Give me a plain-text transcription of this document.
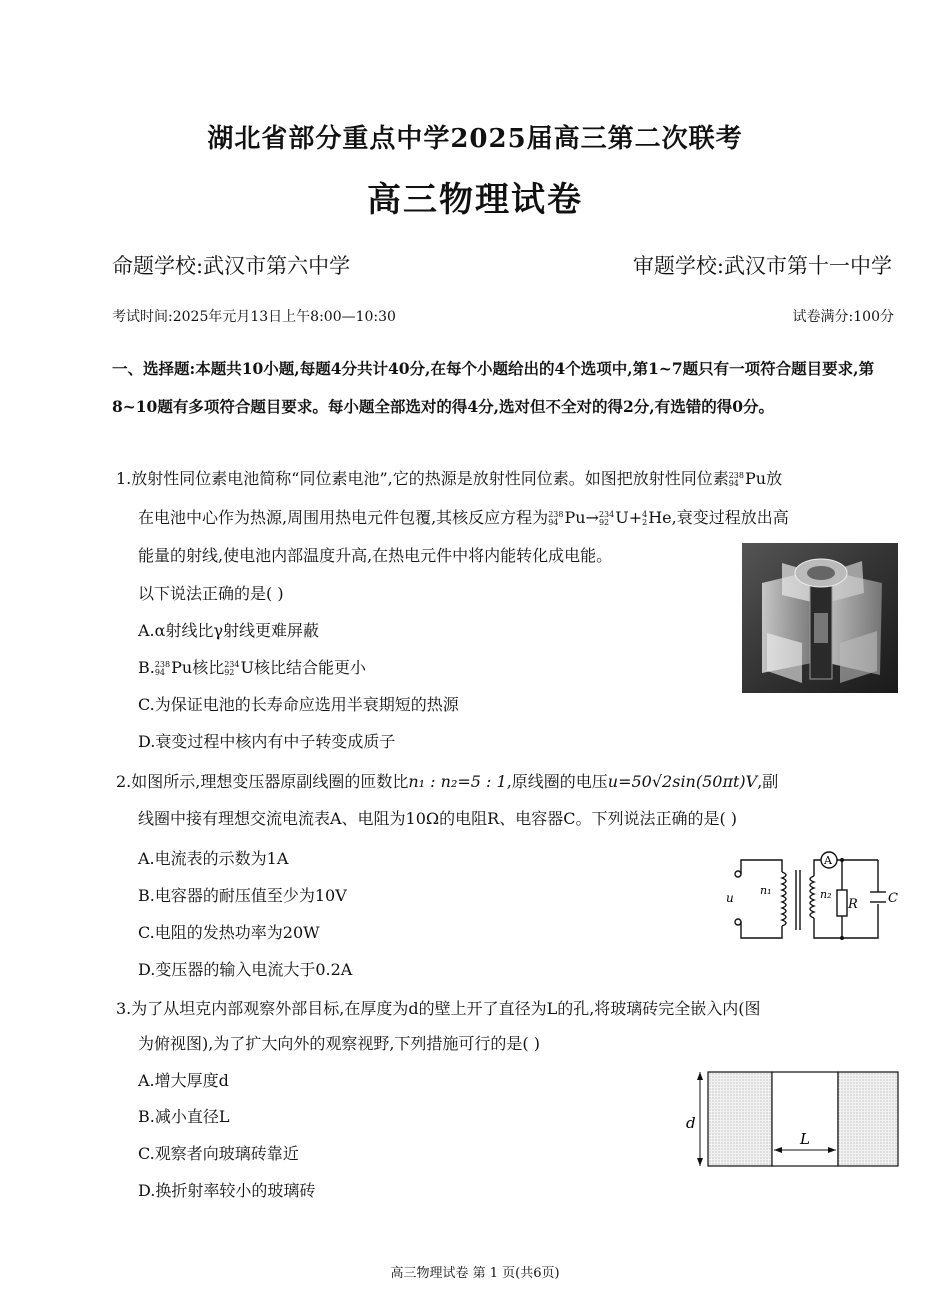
湖北省部分重点中学2025届高三第二次联考
高三物理试卷
命题学校:武汉市第六中学	审题学校:武汉市第十一中学
考试时间:2025年元月13日上午8:00—10:30	试卷满分:100分
一、选择题:本题共10小题,每题4分共计40分,在每个小题给出的4个选项中,第1~7题只有一项符合题目要求,第8~10题有多项符合题目要求。每小题全部选对的得4分,选对但不全对的得2分,有选错的得0分。
1.放射性同位素电池简称“同位素电池”,它的热源是放射性同位素。如图把放射性同位素 238
94 Pu放
在电池中心作为热源,周围用热电元件包覆,其核反应方程为 238
94 Pu→ 234
92 U+ 4
2 He,衰变过程放出高
能量的射线,使电池内部温度升高,在热电元件中将内能转化成电能。
以下说法正确的是( )
A.α射线比γ射线更难屏蔽
B. 238
94 Pu核比 234
92 U核比结合能更小
C.为保证电池的长寿命应选用半衰期短的热源
D.衰变过程中核内有中子转变成质子
2.如图所示,理想变压器原副线圈的匝数比n₁ : n₂=5 : 1,原线圈的电压u=50√2sin(50πt)V,副
线圈中接有理想交流电流表A、电阻为10Ω的电阻R、电容器C。下列说法正确的是( )
A.电流表的示数为1A
B.电容器的耐压值至少为10V
C.电阻的发热功率为20W
D.变压器的输入电流大于0.2A
A
u
n₁	n₂
R C
3.为了从坦克内部观察外部目标,在厚度为d的壁上开了直径为L的孔,将玻璃砖完全嵌入内(图
为俯视图),为了扩大向外的观察视野,下列措施可行的是( )
A.增大厚度d
B.减小直径L
C.观察者向玻璃砖靠近
D.换折射率较小的玻璃砖
d
L
高三物理试卷 第 1 页(共6页)
